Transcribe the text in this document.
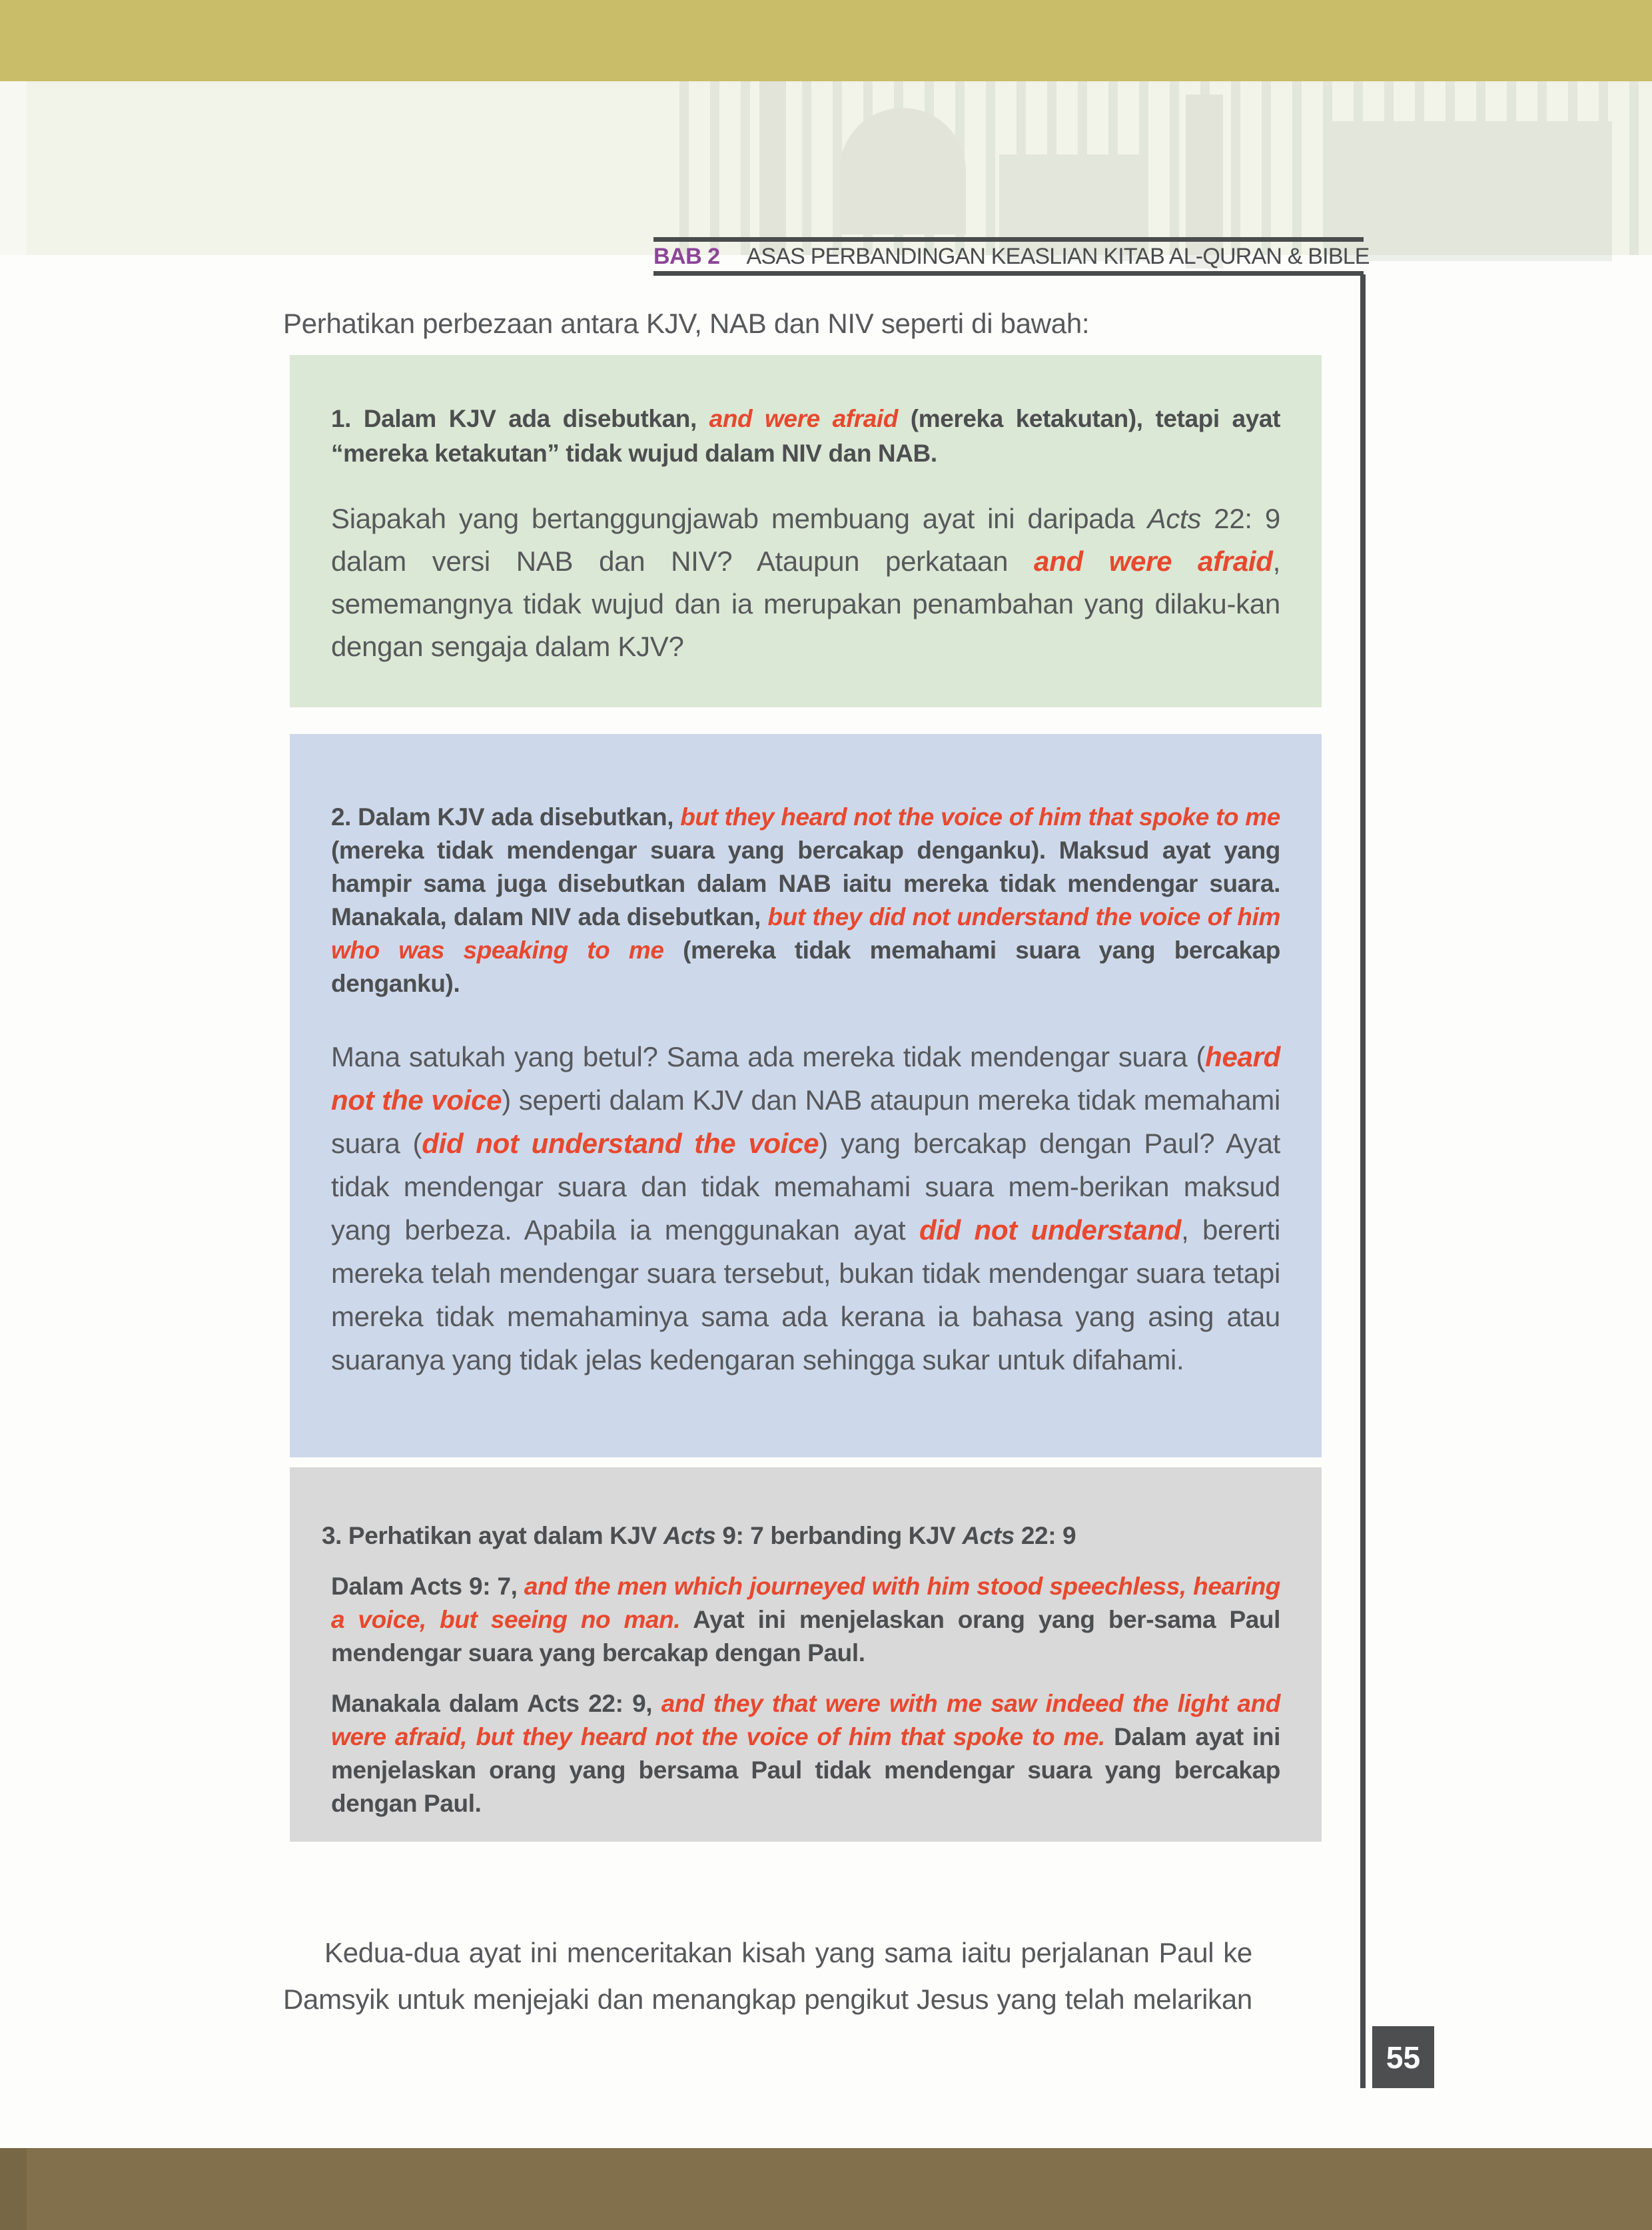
BAB 2 ASAS PERBANDINGAN KEASLIAN KITAB AL-QURAN & BIBLE

Perhatikan perbezaan antara KJV, NAB dan NIV seperti di bawah:

1. Dalam KJV ada disebutkan, and were afraid (mereka ketakutan), tetapi ayat “mereka ketakutan” tidak wujud dalam NIV dan NAB.

Siapakah yang bertanggungjawab membuang ayat ini daripada Acts 22: 9 dalam versi NAB dan NIV? Ataupun perkataan and were afraid, sememangnya tidak wujud dan ia merupakan penambahan yang dilaku-kan dengan sengaja dalam KJV?

2. Dalam KJV ada disebutkan, but they heard not the voice of him that spoke to me (mereka tidak mendengar suara yang bercakap denganku). Maksud ayat yang hampir sama juga disebutkan dalam NAB iaitu mereka tidak mendengar suara. Manakala, dalam NIV ada disebutkan, but they did not understand the voice of him who was speaking to me (mereka tidak memahami suara yang bercakap denganku).

Mana satukah yang betul? Sama ada mereka tidak mendengar suara (heard not the voice) seperti dalam KJV dan NAB ataupun mereka tidak memahami suara (did not understand the voice) yang bercakap dengan Paul? Ayat tidak mendengar suara dan tidak memahami suara mem-berikan maksud yang berbeza. Apabila ia menggunakan ayat did not understand, bererti mereka telah mendengar suara tersebut, bukan tidak mendengar suara tetapi mereka tidak memahaminya sama ada kerana ia bahasa yang asing atau suaranya yang tidak jelas kedengaran sehingga sukar untuk difahami.

3. Perhatikan ayat dalam KJV Acts 9: 7 berbanding KJV Acts 22: 9

Dalam Acts 9: 7, and the men which journeyed with him stood speechless, hearing a voice, but seeing no man. Ayat ini menjelaskan orang yang ber-sama Paul mendengar suara yang bercakap dengan Paul.

Manakala dalam Acts 22: 9, and they that were with me saw indeed the light and were afraid, but they heard not the voice of him that spoke to me. Dalam ayat ini menjelaskan orang yang bersama Paul tidak mendengar suara yang bercakap dengan Paul.

Kedua-dua ayat ini menceritakan kisah yang sama iaitu perjalanan Paul ke Damsyik untuk menjejaki dan menangkap pengikut Jesus yang telah melarikan

55
